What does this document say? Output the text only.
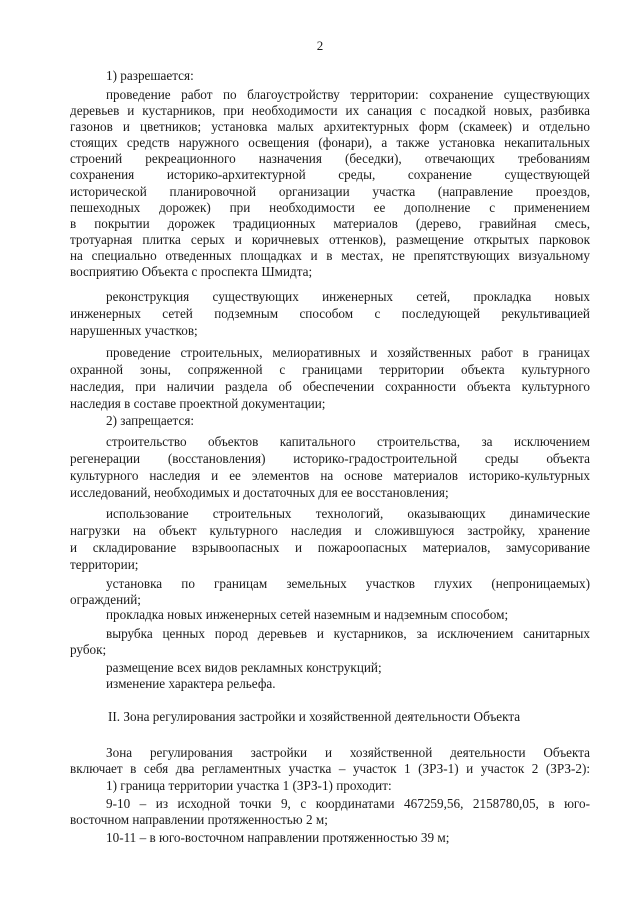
2
1) разрешается:
проведение работ по благоустройству территории: сохранение существующих
деревьев и кустарников, при необходимости их санация с посадкой новых, разбивка
газонов и цветников; установка малых архитектурных форм (скамеек) и отдельно
стоящих средств наружного освещения (фонари), а также установка некапитальных
строений рекреационного назначения (беседки), отвечающих требованиям
сохранения историко-архитектурной среды, сохранение существующей
исторической планировочной организации участка (направление проездов,
пешеходных дорожек) при необходимости ее дополнение с применением
в покрытии дорожек традиционных материалов (дерево, гравийная смесь,
тротуарная плитка серых и коричневых оттенков), размещение открытых парковок
на специально отведенных площадках и в местах, не препятствующих визуальному
восприятию Объекта с проспекта Шмидта;
реконструкция существующих инженерных сетей, прокладка новых
инженерных сетей подземным способом с последующей рекультивацией
нарушенных участков;
проведение строительных, мелиоративных и хозяйственных работ в границах
охранной зоны, сопряженной с границами территории объекта культурного
наследия, при наличии раздела об обеспечении сохранности объекта культурного
наследия в составе проектной документации;
2) запрещается:
строительство объектов капитального строительства, за исключением
регенерации (восстановления) историко-градостроительной среды объекта
культурного наследия и ее элементов на основе материалов историко-культурных
исследований, необходимых и достаточных для ее восстановления;
использование строительных технологий, оказывающих динамические
нагрузки на объект культурного наследия и сложившуюся застройку, хранение
и складирование взрывоопасных и пожароопасных материалов, замусоривание
территории;
установка по границам земельных участков глухих (непроницаемых)
ограждений;
прокладка новых инженерных сетей наземным и надземным способом;
вырубка ценных пород деревьев и кустарников, за исключением санитарных
рубок;
размещение всех видов рекламных конструкций;
изменение характера рельефа.
II. Зона регулирования застройки и хозяйственной деятельности Объекта
Зона регулирования застройки и хозяйственной деятельности Объекта
включает в себя два регламентных участка – участок 1 (ЗРЗ-1) и участок 2 (ЗРЗ-2):
1) граница территории участка 1 (ЗРЗ-1) проходит:
9-10 – из исходной точки 9, с координатами 467259,56, 2158780,05, в юго-
восточном направлении протяженностью 2 м;
10-11 – в юго-восточном направлении протяженностью 39 м;
